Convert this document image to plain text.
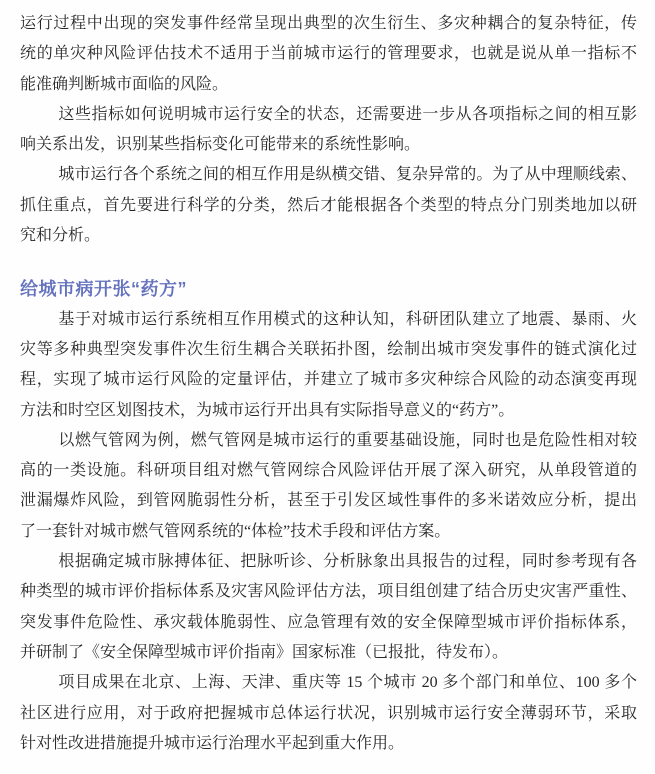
运行过程中出现的突发事件经常呈现出典型的次生衍生、多灾种耦合的复杂特征，传
统的单灾种风险评估技术不适用于当前城市运行的管理要求，也就是说从单一指标不
能准确判断城市面临的风险。
这些指标如何说明城市运行安全的状态，还需要进一步从各项指标之间的相互影
响关系出发，识别某些指标变化可能带来的系统性影响。
城市运行各个系统之间的相互作用是纵横交错、复杂异常的。为了从中理顺线索、
抓住重点，首先要进行科学的分类，然后才能根据各个类型的特点分门别类地加以研
究和分析。
给城市病开张“药方”
基于对城市运行系统相互作用模式的这种认知，科研团队建立了地震、暴雨、火
灾等多种典型突发事件次生衍生耦合关联拓扑图，绘制出城市突发事件的链式演化过
程，实现了城市运行风险的定量评估，并建立了城市多灾种综合风险的动态演变再现
方法和时空区划图技术，为城市运行开出具有实际指导意义的“药方”。
以燃气管网为例，燃气管网是城市运行的重要基础设施，同时也是危险性相对较
高的一类设施。科研项目组对燃气管网综合风险评估开展了深入研究，从单段管道的
泄漏爆炸风险，到管网脆弱性分析，甚至于引发区域性事件的多米诺效应分析，提出
了一套针对城市燃气管网系统的“体检”技术手段和评估方案。
根据确定城市脉搏体征、把脉听诊、分析脉象出具报告的过程，同时参考现有各
种类型的城市评价指标体系及灾害风险评估方法，项目组创建了结合历史灾害严重性、
突发事件危险性、承灾载体脆弱性、应急管理有效的安全保障型城市评价指标体系，
并研制了《安全保障型城市评价指南》国家标准（已报批，待发布）。
项目成果在北京、上海、天津、重庆等 15 个城市 20 多个部门和单位、100 多个
社区进行应用，对于政府把握城市总体运行状况，识别城市运行安全薄弱环节，采取
针对性改进措施提升城市运行治理水平起到重大作用。
